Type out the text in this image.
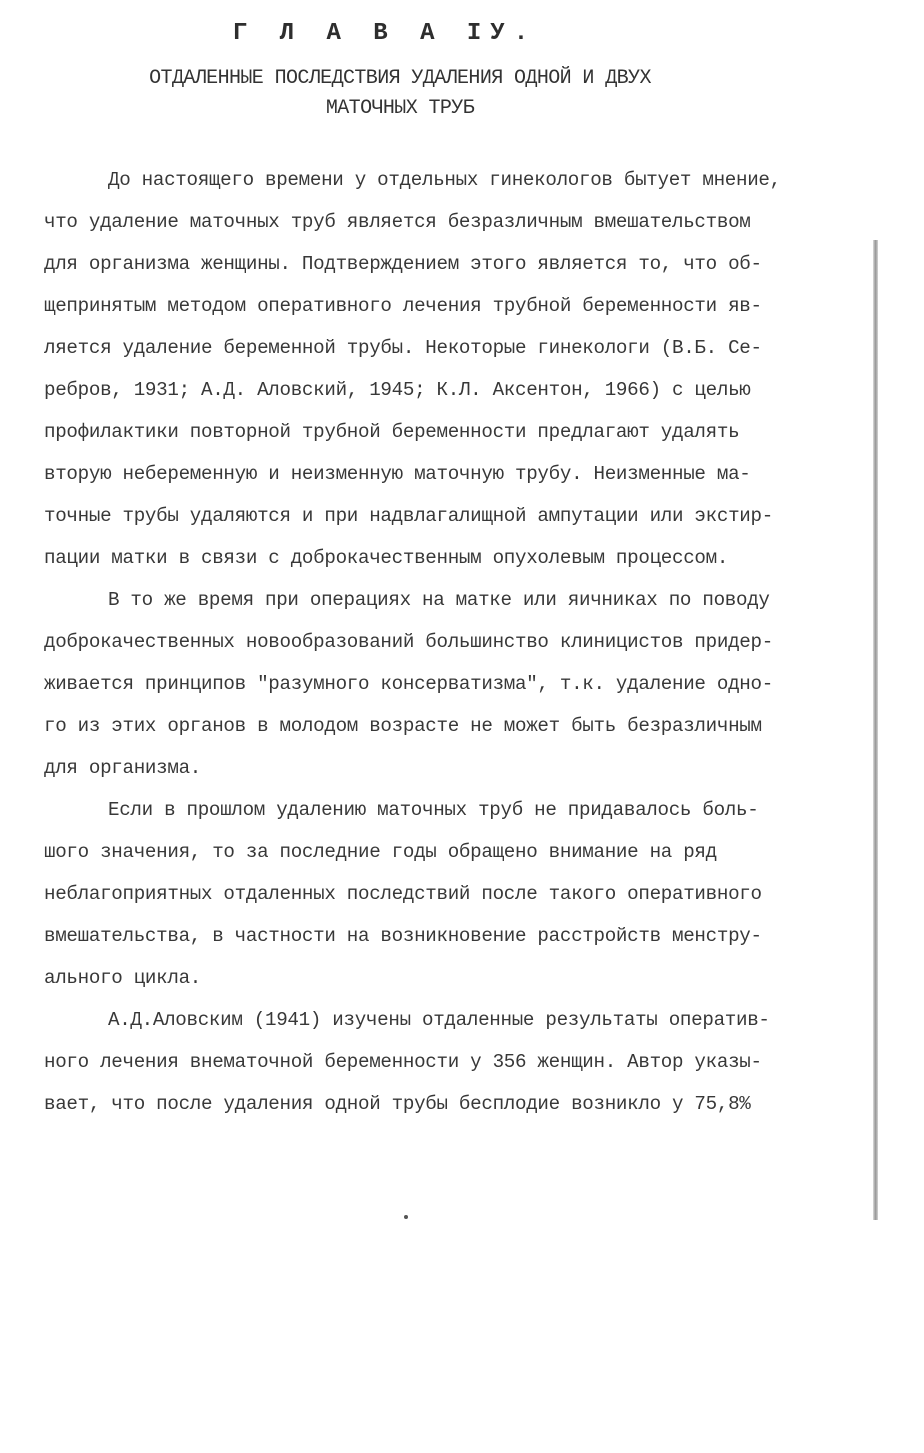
Г Л А В А IУ.
ОТДАЛЕННЫЕ ПОСЛЕДСТВИЯ УДАЛЕНИЯ ОДНОЙ И ДВУХ
МАТОЧНЫХ ТРУБ
До настоящего времени у отдельных гинекологов бытует мнение,
что удаление маточных труб является безразличным вмешательством
для организма женщины. Подтверждением этого является то, что об-
щепринятым методом оперативного лечения трубной беременности яв-
ляется удаление беременной трубы. Некоторые гинекологи (В.Б. Се-
ребров, 1931; А.Д. Аловский, 1945; К.Л. Аксентон, 1966) с целью
профилактики повторной трубной беременности предлагают удалять
вторую небеременную и неизменную маточную трубу. Неизменные ма-
точные трубы удаляются и при надвлагалищной ампутации или экстир-
пации матки в связи с доброкачественным опухолевым процессом.
В то же время при операциях на матке или яичниках по поводу
доброкачественных новообразований большинство клиницистов придер-
живается принципов "разумного консерватизма", т.к. удаление одно-
го из этих органов в молодом возрасте не может быть безразличным
для организма.
Если в прошлом удалению маточных труб не придавалось боль-
шого значения, то за последние годы обращено внимание на ряд
неблагоприятных отдаленных последствий после такого оперативного
вмешательства, в частности на возникновение расстройств менстру-
ального цикла.
А.Д.Аловским (1941) изучены отдаленные результаты оператив-
ного лечения внематочной беременности у 356 женщин. Автор указы-
вает, что после удаления одной трубы бесплодие возникло у 75,8%
